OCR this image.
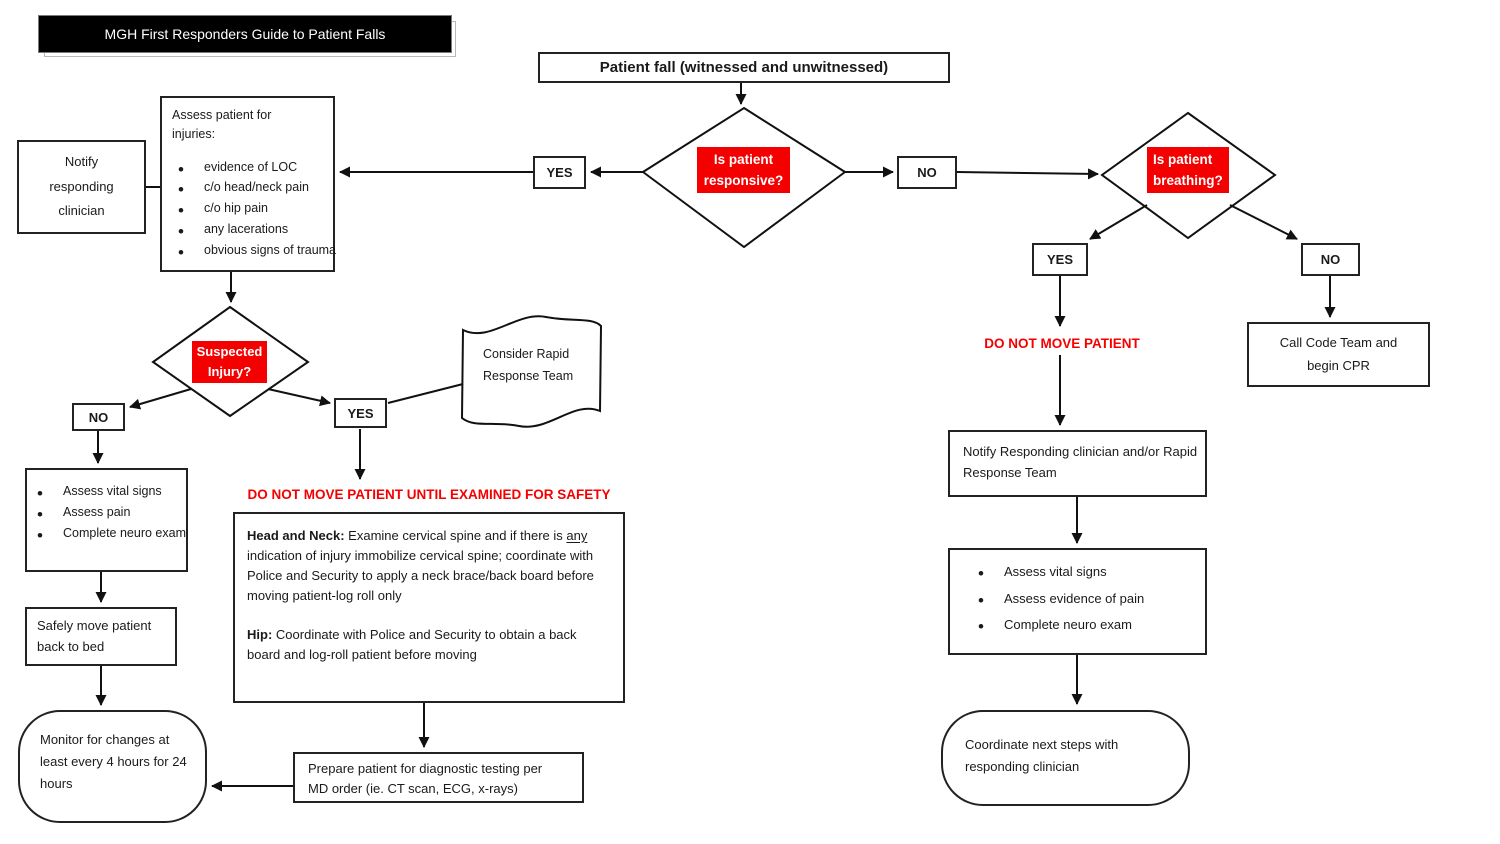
MGH First Responders Guide to Patient Falls
Patient fall (witnessed and unwitnessed)
Is patient responsive?
Suspected Injury?
Is patient breathing?
YES	NO
NO	YES
YES	NO
Assess patient for injuries:
• evidence of LOC
• c/o head/neck pain
• c/o hip pain
• any lacerations
• obvious signs of trauma
Notify responding clinician
Consider Rapid Response Team
• Assess vital signs
• Assess pain
• Complete neuro exam
Safely move patient back to bed
Monitor for changes at least every 4 hours for 24 hours
DO NOT MOVE PATIENT UNTIL EXAMINED FOR SAFETY

Head and Neck: Examine cervical spine and if there is any indication of injury immobilize cervical spine; coordinate with Police and Security to apply a neck brace/back board before moving patient-log roll only

Hip: Coordinate with Police and Security to obtain a back board and log-roll patient before moving

Prepare patient for diagnostic testing per MD order (ie. CT scan, ECG, x-rays)
DO NOT MOVE PATIENT
Notify Responding clinician and/or Rapid Response Team
• Assess vital signs
• Assess evidence of pain
• Complete neuro exam
Coordinate next steps with responding clinician
Call Code Team and begin CPR
